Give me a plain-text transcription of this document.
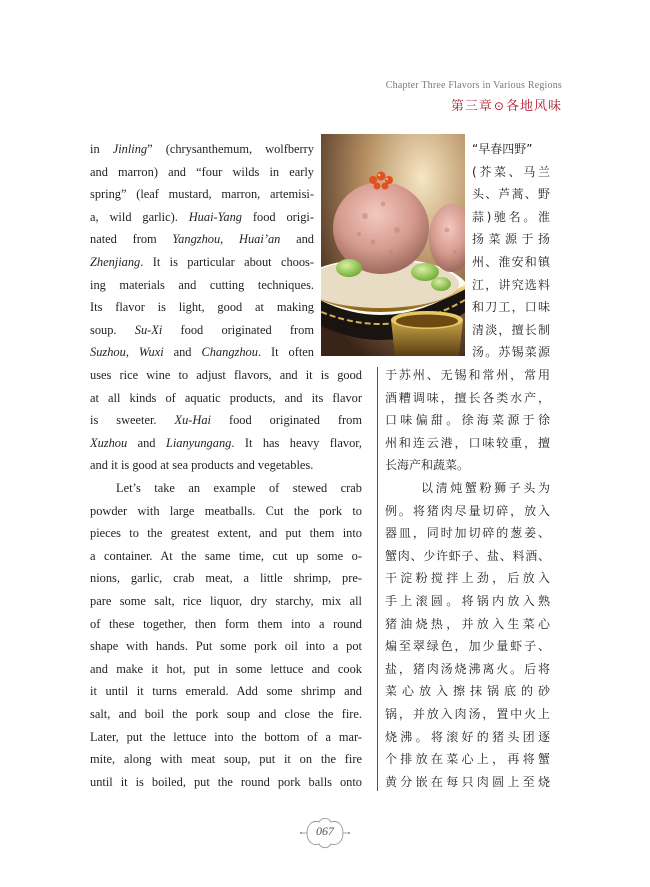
Chapter Three Flavors in Various Regions
第三章⊙各地风味
in Jinling” (chrysanthemum, wolfberry
and marron) and “four wilds in early
spring” (leaf mustard, marron, artemisi-
a, wild garlic). Huai-Yang food origi-
nated from Yangzhou, Huai’an and
Zhenjiang. It is particular about choos-
ing materials and cutting techniques.
Its flavor is light, good at making
soup. Su-Xi food originated from
Suzhou, Wuxi and Changzhou. It often
uses rice wine to adjust flavors, and it is good
at all kinds of aquatic products, and its flavor
is sweeter. Xu-Hai food originated from
Xuzhou and Lianyungang. It has heavy flavor,
and it is good at sea products and vegetables.
Let’s take an example of stewed crab
powder with large meatballs. Cut the pork to
pieces to the greatest extent, and put them into
a container. At the same time, cut up some o-
nions, garlic, crab meat, a little shrimp, pre-
pare some salt, rice liquor, dry starchy, mix all
of these together, then form them into a round
shape with hands. Put some pork oil into a pot
and make it hot, put in some lettuce and cook
it until it turns emerald. Add some shrimp and
salt, and boil the pork soup and close the fire.
Later, put the lettuce into the bottom of a mar-
mite, along with meat soup, put it on the fire
until it is boiled, put the round pork balls onto
“早春四野”
(芥菜、马兰
头、芦蒿、野
蒜)驰名。淮
扬菜源于扬
州、淮安和镇
江，讲究选料
和刀工，口味
清淡，擅长制
汤。苏锡菜源
于苏州、无锡和常州，常用
酒糟调味，擅长各类水产，
口味偏甜。徐海菜源于徐
州和连云港，口味较重，擅
长海产和蔬菜。
以清炖蟹粉狮子头为
例。将猪肉尽量切碎，放入
器皿，同时加切碎的葱姜、
蟹肉、少许虾子、盐、料酒、
干淀粉搅拌上劲，后放入
手上滚圆。将锅内放入熟
猪油烧热，并放入生菜心
煸至翠绿色，加少量虾子、
盐，猪肉汤烧沸离火。后将
菜心放入擦抹锅底的砂
锅，并放入肉汤，置中火上
烧沸。将滚好的猪头团逐
个排放在菜心上，再将蟹
黄分嵌在每只肉圆上至烧
067
